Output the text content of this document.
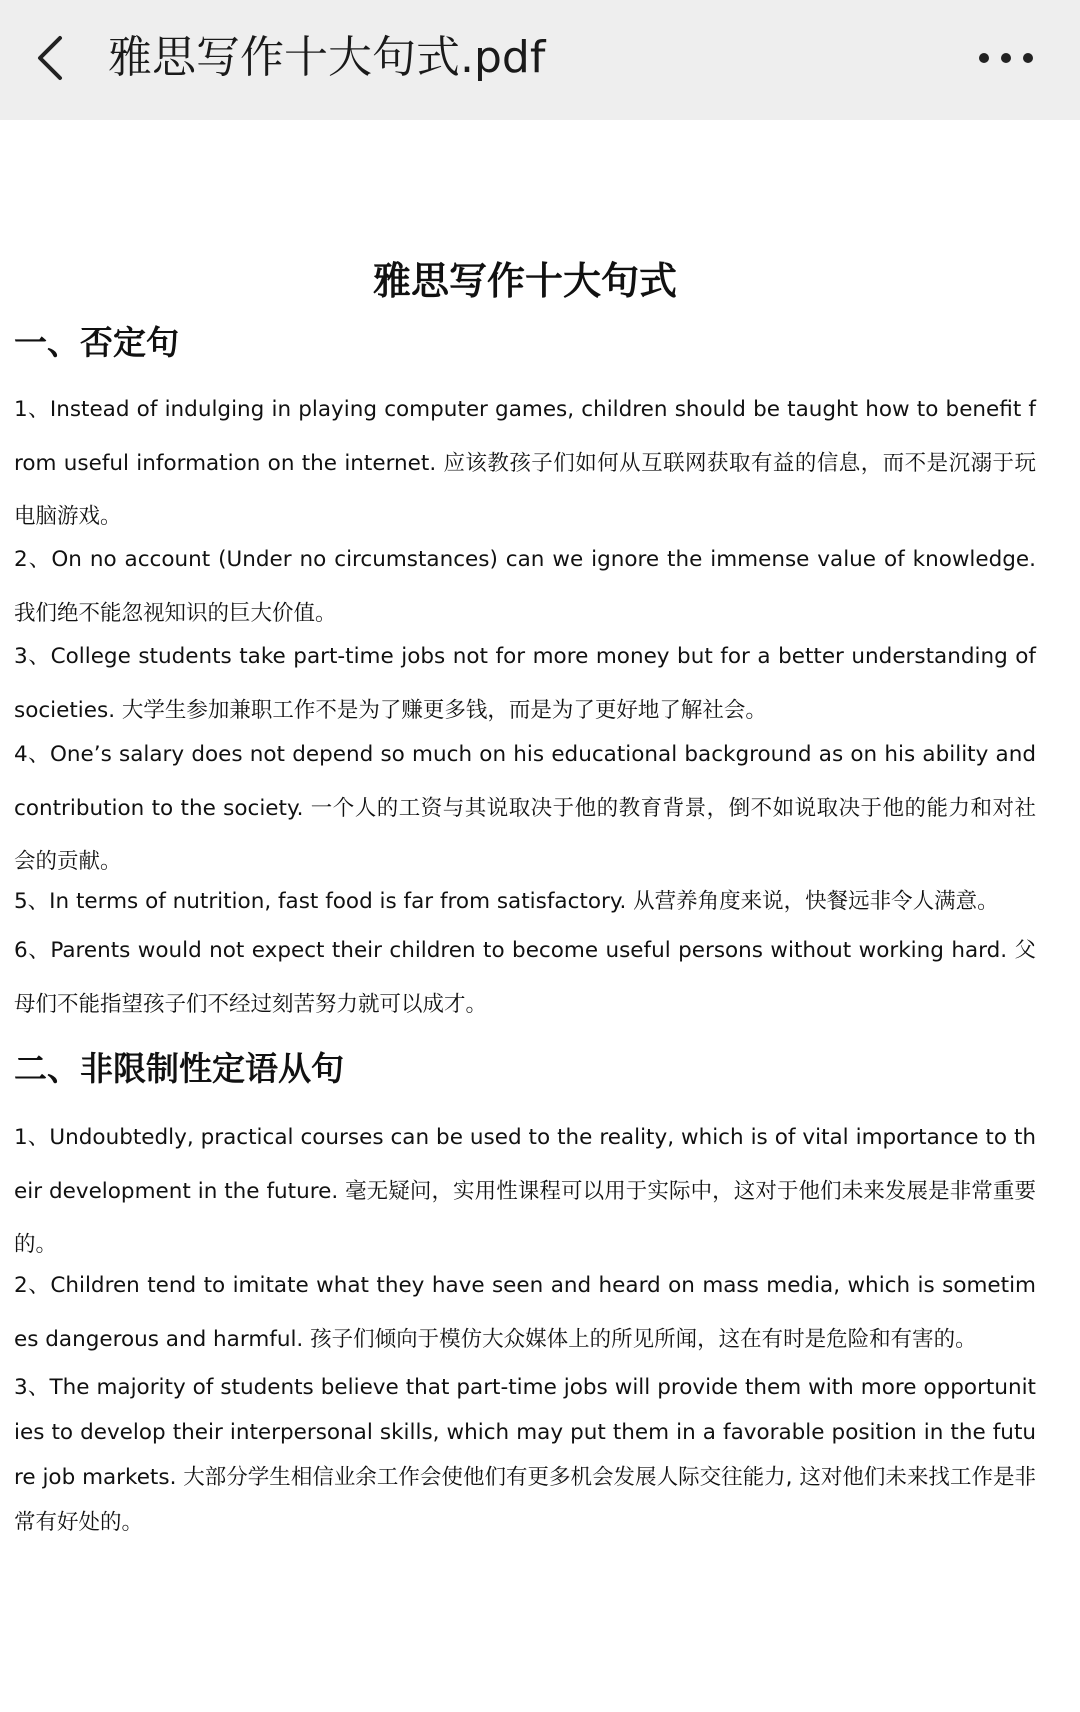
雅思写作十大句式.pdf
雅思写作十大句式
一、否定句
1、Instead of indulging in playing computer games, children should be taught how to benefit from useful information on the internet. 应该教孩子们如何从互联网获取有益的信息，而不是沉溺于玩电脑游戏。
2、On no account (Under no circumstances) can we ignore the immense value of knowledge. 我们绝不能忽视知识的巨大价值。
3、College students take part-time jobs not for more money but for a better understanding of societies. 大学生参加兼职工作不是为了赚更多钱，而是为了更好地了解社会。
4、One’s salary does not depend so much on his educational background as on his ability and contribution to the society. 一个人的工资与其说取决于他的教育背景，倒不如说取决于他的能力和对社会的贡献。
5、In terms of nutrition, fast food is far from satisfactory. 从营养角度来说，快餐远非令人满意。
6、Parents would not expect their children to become useful persons without working hard. 父母们不能指望孩子们不经过刻苦努力就可以成才。
二、非限制性定语从句
1、Undoubtedly, practical courses can be used to the reality, which is of vital importance to their development in the future. 毫无疑问，实用性课程可以用于实际中，这对于他们未来发展是非常重要的。
2、Children tend to imitate what they have seen and heard on mass media, which is sometimes dangerous and harmful. 孩子们倾向于模仿大众媒体上的所见所闻，这在有时是危险和有害的。
3、The majority of students believe that part-time jobs will provide them with more opportunities to develop their interpersonal skills, which may put them in a favorable position in the future job markets. 大部分学生相信业余工作会使他们有更多机会发展人际交往能力, 这对他们未来找工作是非常有好处的。
